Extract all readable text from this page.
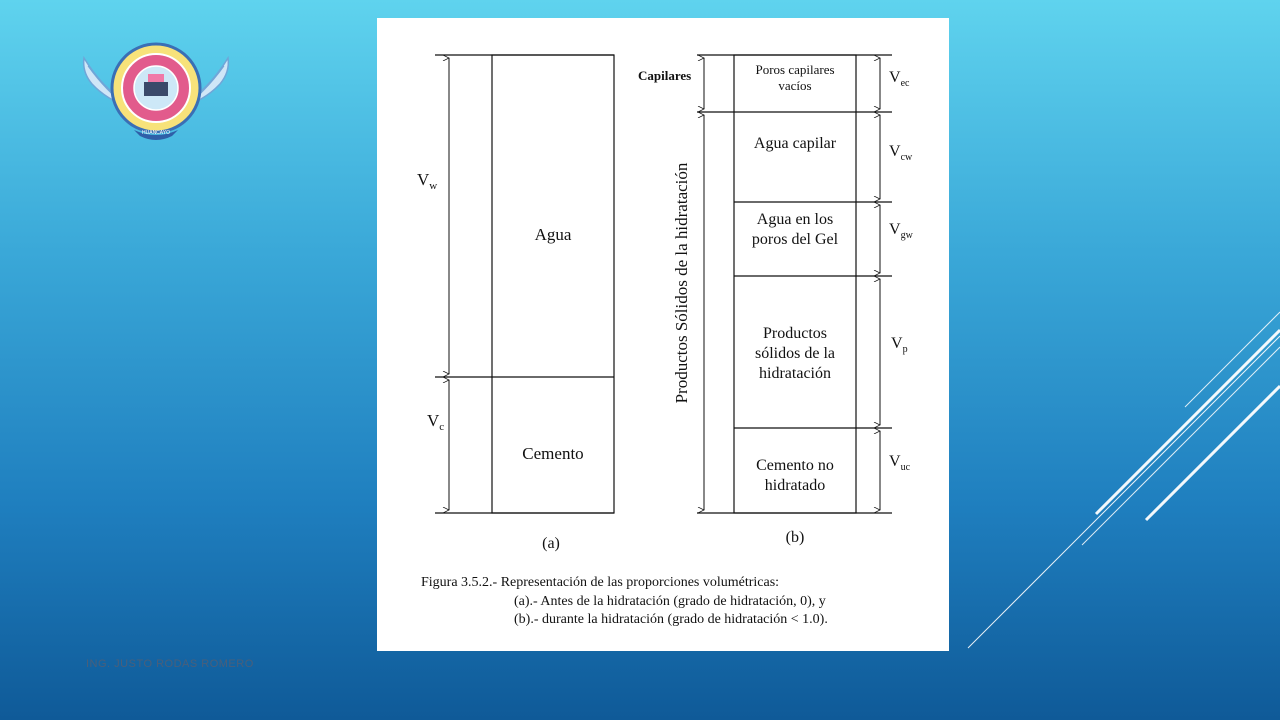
HUANCAYO
$V_w$
$V_c$
Agua
Cemento
(a)
Capilares
Productos Sólidos de la hidratación
Poros capilares
vacíos
Agua capilar
Agua en los
poros del Gel
Productos
sólidos de la
hidratación
Cemento no
hidratado
$V_{ec}$
$V_{cw}$
$V_{gw}$
$V_p$
$V_{uc}$
(b)
Figura 3.5.2.- Representación de las proporciones volumétricas:
(a).- Antes de la hidratación (grado de hidratación, 0), y
(b).- durante la hidratación (grado de hidratación < 1.0).
ING. JUSTO RODAS ROMERO
